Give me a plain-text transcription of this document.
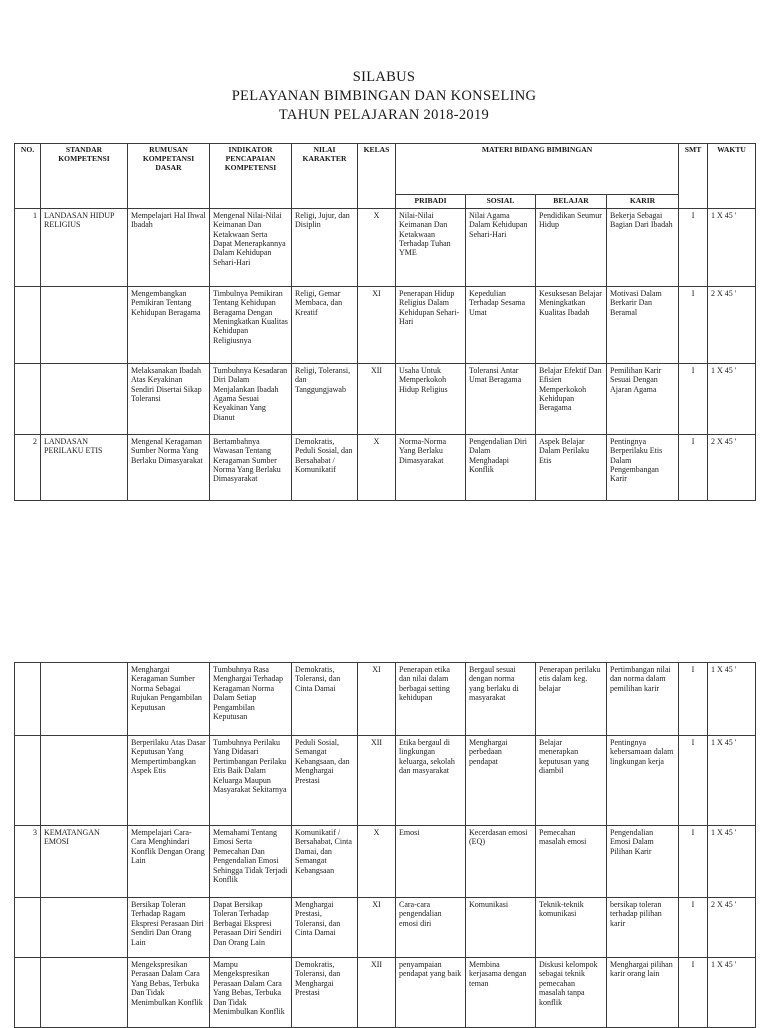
SILABUS
PELAYANAN BIMBINGAN DAN KONSELING
TAHUN PELAJARAN 2018-2019
NO.	STANDAR KOMPETENSI	RUMUSAN KOMPETANSI DASAR	INDIKATOR PENCAPAIAN KOMPETENSI	NILAI KARAKTER	KELAS	MATERI BIDANG BIMBINGAN				SMT	WAKTU
						PRIBADI	SOSIAL	BELAJAR	KARIR		
1	LANDASAN HIDUP RELIGIUS	Mempelajari Hal Ihwal Ibadah	Mengenal Nilai-Nilai Keimanan Dan Ketakwaan Serta Dapat Menerapkannya Dalam Kehidupan Sehari-Hari	Religi, Jujur, dan Disiplin	X	Nilai-Nilai Keimanan Dan Ketakwaan Terhadap Tuhan YME	Nilai Agama Dalam Kehidupan Sehari-Hari	Pendidikan Seumur Hidup	Bekerja Sebagai Bagian Dari Ibadah	I	1 X 45 '
		Mengembangkan Pemikiran Tentang Kehidupan Beragama	Timbulnya Pemikiran Tentang Kehidupan Beragama Dengan Meningkatkan Kualitas Kehidupan Religiusnya	Religi, Gemar Membaca, dan Kreatif	XI	Penerapan Hidup Religius Dalam Kehidupan Sehari-Hari	Kepedulian Terhadap Sesama Umat	Kesuksesan Belajar Meningkatkan Kualitas Ibadah	Motivasi Dalam Berkarir Dan Beramal	I	2 X 45 '
		Melaksanakan Ibadah Atas Keyakinan Sendiri Disertai Sikap Toleransi	Tumbuhnya Kesadaran Diri Dalam Menjalankan Ibadah Agama Sesuai Keyakinan Yang Dianut	Religi, Toleransi, dan Tanggungjawab	XII	Usaha Untuk Memperkokoh Hidup Religius	Toleransi Antar Umat Beragama	Belajar Efektif Dan Efisien Memperkokoh Kehidupan Beragama	Pemilihan Karir Sesuai Dengan Ajaran Agama	I	1 X 45 '
2	LANDASAN PERILAKU ETIS	Mengenal Keragaman Sumber Norma Yang Berlaku Dimasyarakat	Bertambahnya Wawasan Tentang Keragaman Sumber Norma Yang Berlaku Dimasyarakat	Demokratis, Peduli Sosial, dan Bersahabat / Komunikatif	X	Norma-Norma Yang Berlaku Dimasyarakat	Pengendalian Diri Dalam Menghadapi Konflik	Aspek Belajar Dalam Perilaku Etis	Pentingnya Berperilaku Etis Dalam Pengembangan Karir	I	2 X 45 '
		Menghargai Keragaman Sumber Norma Sebagai Rujukan Pengambilan Keputusan	Tumbuhnya Rasa Menghargai Terhadap Keragaman Norma Dalam Setiap Pengambilan Keputusan	Demokratis, Toleransi, dan Cinta Damai	XI	Penerapan etika dan nilai dalam berbagai setting kehidupan	Bergaul sesuai dengan norma yang berlaku di masyarakat	Penerapan perilaku etis dalam keg. belajar	Pertimbangan nilai dan norma dalam pemilihan karir	I	1 X 45 '
		Berperilaku Atas Dasar Keputusan Yang Mempertimbangkan Aspek Etis	Tumbuhnya Perilaku Yang Didasari Pertimbangan Perilaku Etis Baik Dalam Keluarga Maupun Masyarakat Sekitarnya	Peduli Sosial, Semangat Kebangsaan, dan Menghargai Prestasi	XII	Etika bergaul di lingkungan keluarga, sekolah dan masyarakat	Menghargai perbedaan pendapat	Belajar menerapkan keputusan yang diambil	Pentingnya kebersamaan dalam lingkungan kerja	I	1 X 45 '
3	KEMATANGAN EMOSI	Mempelajari Cara-Cara Menghindari Konflik Dengan Orang Lain	Memahami Tentang Emosi Serta Pemecahan Dan Pengendalian Emosi Sehingga Tidak Terjadi Konflik	Komunikatif / Bersahabat, Cinta Damai, dan Semangat Kebangsaan	X	Emosi	Kecerdasan emosi (EQ)	Pemecahan masalah emosi	Pengendalian Emosi Dalam Pilihan Karir	I	1 X 45 '
		Bersikap Toleran Terhadap Ragam Ekspresi Perasaan Diri Sendiri Dan Orang Lain	Dapat Bersikap Toleran Terhadap Berbagai Ekspresi Perasaan Diri Sendiri Dan Orang Lain	Menghargai Prestasi, Toleransi, dan Cinta Damai	XI	Cara-cara pengendalian emosi diri	Komunikasi	Teknik-teknik komunikasi	bersikap toleran terhadap pilihan karir	I	2 X 45 '
		Mengekspresikan Perasaan Dalam Cara Yang Bebas, Terbuka Dan Tidak Menimbulkan Konflik	Mampu Mengekspresikan Perasaan Dalam Cara Yang Bebas, Terbuka Dan Tidak Menimbulkan Konflik	Demokratis, Toleransi, dan Menghargai Prestasi	XII	penyampaian pendapat yang baik	Membina kerjasama dengan teman	Diskusi kelompok sebagai teknik pemecahan masalah tanpa konflik	Menghargai pilihan karir orang lain	I	1 X 45 '
